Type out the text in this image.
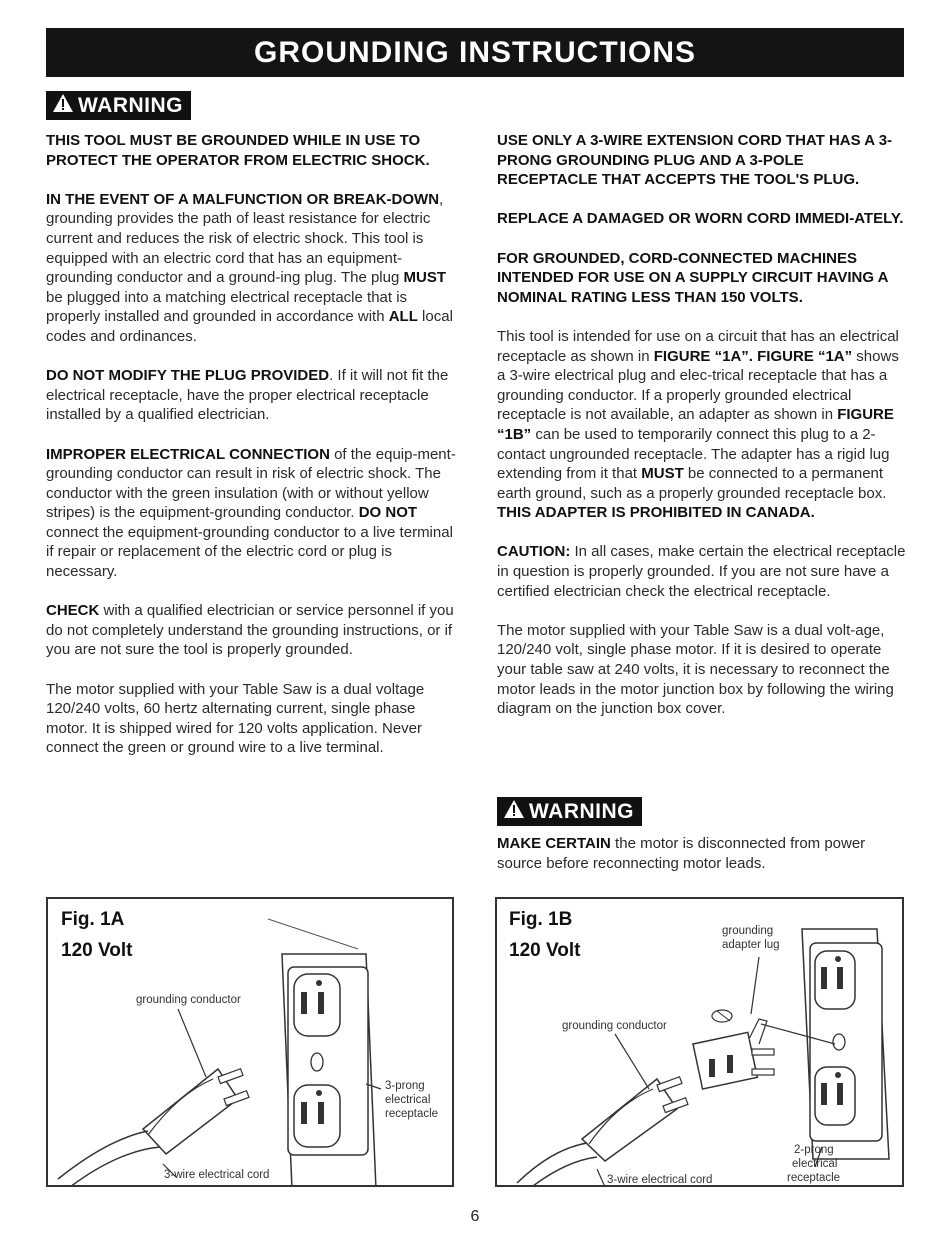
GROUNDING INSTRUCTIONS
WARNING

THIS TOOL MUST BE GROUNDED WHILE IN USE TO PROTECT THE OPERATOR FROM ELECTRIC SHOCK.

IN THE EVENT OF A MALFUNCTION OR BREAK-DOWN, grounding provides the path of least resistance for electric current and reduces the risk of electric shock. This tool is equipped with an electric cord that has an equipment-grounding conductor and a ground-ing plug. The plug MUST be plugged into a matching electrical receptacle that is properly installed and grounded in accordance with ALL local codes and ordinances.

DO NOT MODIFY THE PLUG PROVIDED. If it will not fit the electrical receptacle, have the proper electrical receptacle installed by a qualified electrician.

IMPROPER ELECTRICAL CONNECTION of the equip-ment-grounding conductor can result in risk of electric shock. The conductor with the green insulation (with or without yellow stripes) is the equipment-grounding conductor. DO NOT connect the equipment-grounding conductor to a live terminal if repair or replacement of the electric cord or plug is necessary.

CHECK with a qualified electrician or service personnel if you do not completely understand the grounding instructions, or if you are not sure the tool is properly grounded.

The motor supplied with your Table Saw is a dual voltage 120/240 volts, 60 hertz alternating current, single phase motor. It is shipped wired for 120 volts application. Never connect the green or ground wire to a live terminal.

USE ONLY A 3-WIRE EXTENSION CORD THAT HAS A 3-PRONG GROUNDING PLUG AND A 3-POLE RECEPTACLE THAT ACCEPTS THE TOOL'S PLUG.

REPLACE A DAMAGED OR WORN CORD IMMEDI-ATELY.

FOR GROUNDED, CORD-CONNECTED MACHINES INTENDED FOR USE ON A SUPPLY CIRCUIT HAVING A NOMINAL RATING LESS THAN 150 VOLTS.

This tool is intended for use on a circuit that has an electrical receptacle as shown in FIGURE “1A”. FIGURE “1A” shows a 3-wire electrical plug and elec-trical receptacle that has a grounding conductor. If a properly grounded electrical receptacle is not available, an adapter as shown in FIGURE “1B” can be used to temporarily connect this plug to a 2-contact ungrounded receptacle. The adapter has a rigid lug extending from it that MUST be connected to a permanent earth ground, such as a properly grounded receptacle box. THIS ADAPTER IS PROHIBITED IN CANADA.

CAUTION: In all cases, make certain the electrical receptacle in question is properly grounded. If you are not sure have a certified electrician check the electrical receptacle.

The motor supplied with your Table Saw is a dual volt-age, 120/240 volt, single phase motor. If it is desired to operate your table saw at 240 volts, it is necessary to reconnect the motor leads in the motor junction box by following the wiring diagram on the junction box cover.

WARNING

MAKE CERTAIN the motor is disconnected from power source before reconnecting motor leads.

Fig. 1A
120 Volt
grounding conductor
3-prong
electrical
receptacle
3-wire electrical cord
Fig. 1B
120 Volt
grounding
adapter lug
grounding conductor
2-prong
electrical
receptacle
3-wire electrical cord
6
